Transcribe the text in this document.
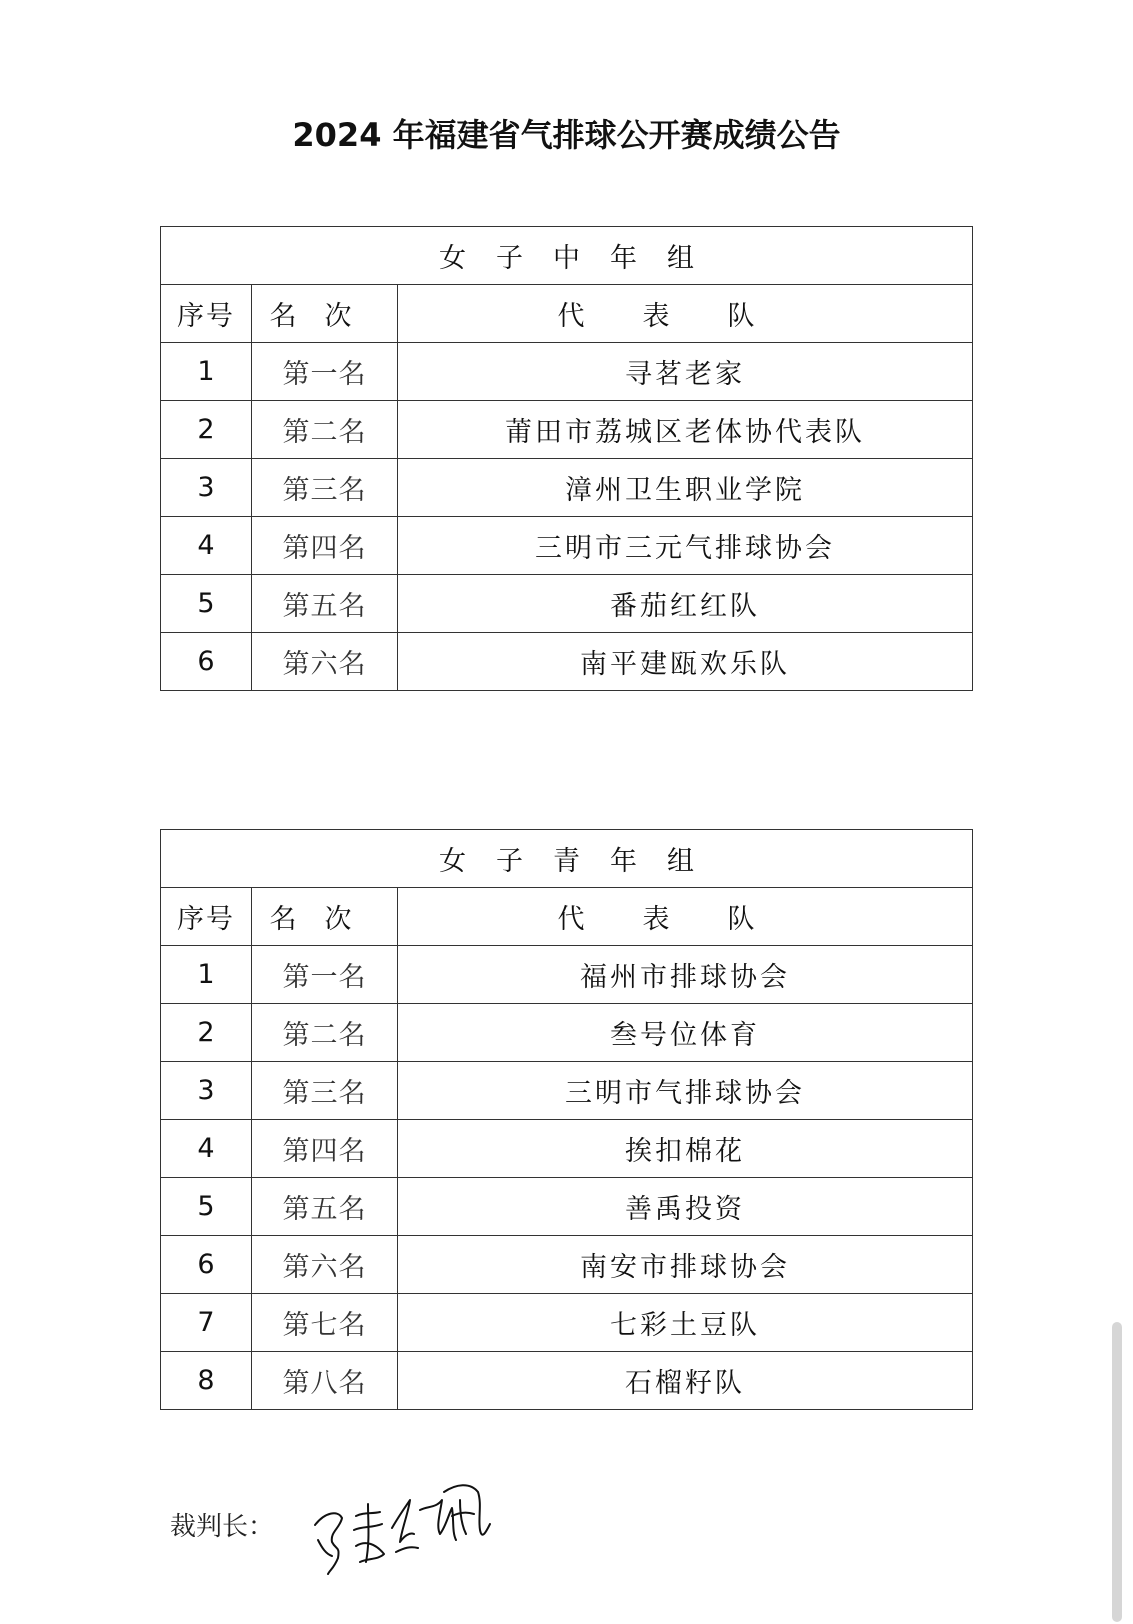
2024 年福建省气排球公开赛成绩公告
女子中年组		
序号	名次	代表队
1	第一名	寻茗老家
2	第二名	莆田市荔城区老体协代表队
3	第三名	漳州卫生职业学院
4	第四名	三明市三元气排球协会
5	第五名	番茄红红队
6	第六名	南平建瓯欢乐队
女子青年组		
序号	名次	代表队
1	第一名	福州市排球协会
2	第二名	叁号位体育
3	第三名	三明市气排球协会
4	第四名	挨扣棉花
5	第五名	善禹投资
6	第六名	南安市排球协会
7	第七名	七彩土豆队
8	第八名	石榴籽队
裁判长：
